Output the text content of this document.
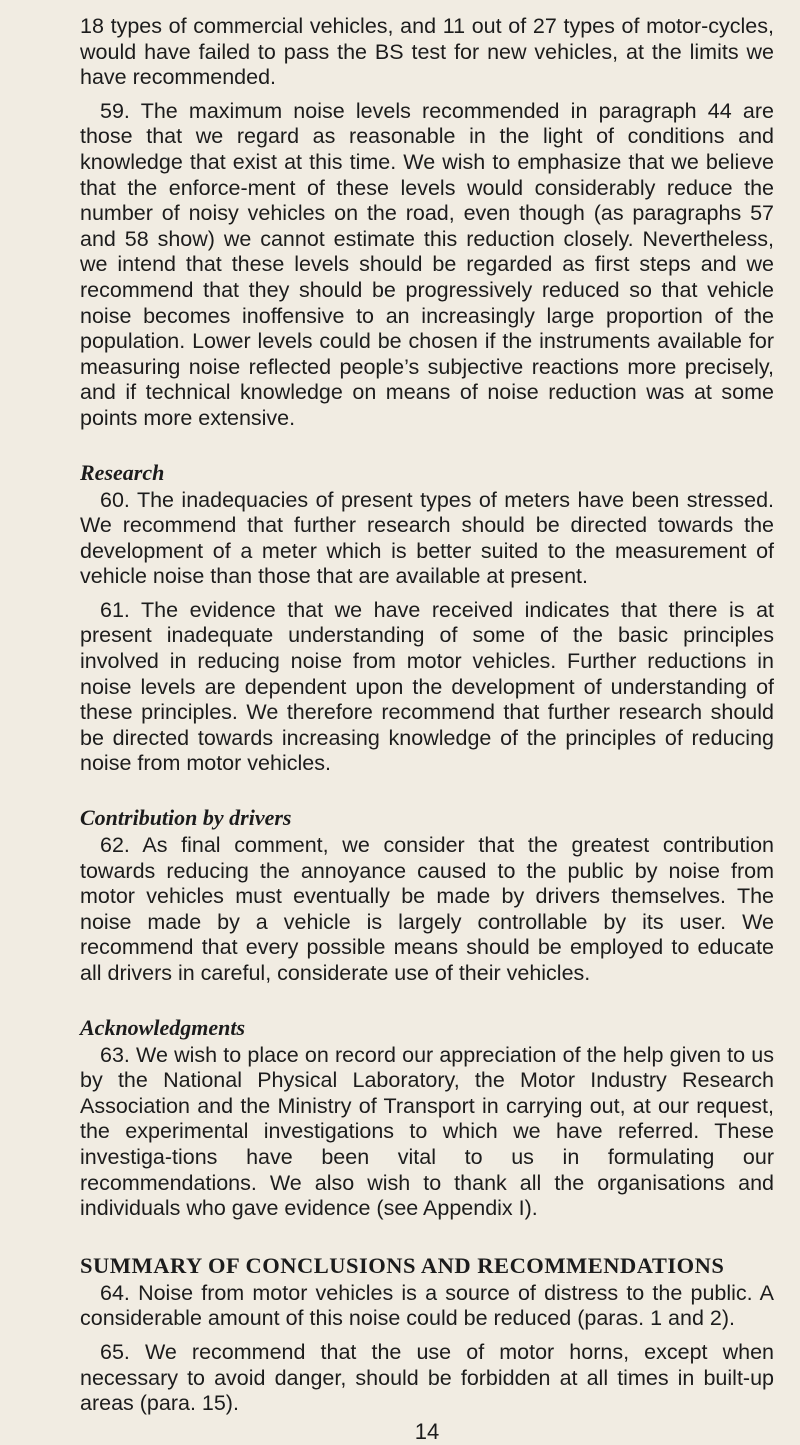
18 types of commercial vehicles, and 11 out of 27 types of motor-cycles, would have failed to pass the BS test for new vehicles, at the limits we have recommended.

59. The maximum noise levels recommended in paragraph 44 are those that we regard as reasonable in the light of conditions and knowledge that exist at this time. We wish to emphasize that we believe that the enforce-ment of these levels would considerably reduce the number of noisy vehicles on the road, even though (as paragraphs 57 and 58 show) we cannot estimate this reduction closely. Nevertheless, we intend that these levels should be regarded as first steps and we recommend that they should be progressively reduced so that vehicle noise becomes inoffensive to an increasingly large proportion of the population. Lower levels could be chosen if the instruments available for measuring noise reflected people’s subjective reactions more precisely, and if technical knowledge on means of noise reduction was at some points more extensive.

Research

60. The inadequacies of present types of meters have been stressed. We recommend that further research should be directed towards the development of a meter which is better suited to the measurement of vehicle noise than those that are available at present.

61. The evidence that we have received indicates that there is at present inadequate understanding of some of the basic principles involved in reducing noise from motor vehicles. Further reductions in noise levels are dependent upon the development of understanding of these principles. We therefore recommend that further research should be directed towards increasing knowledge of the principles of reducing noise from motor vehicles.

Contribution by drivers

62. As final comment, we consider that the greatest contribution towards reducing the annoyance caused to the public by noise from motor vehicles must eventually be made by drivers themselves. The noise made by a vehicle is largely controllable by its user. We recommend that every possible means should be employed to educate all drivers in careful, considerate use of their vehicles.

Acknowledgments

63. We wish to place on record our appreciation of the help given to us by the National Physical Laboratory, the Motor Industry Research Association and the Ministry of Transport in carrying out, at our request, the experimental investigations to which we have referred. These investiga-tions have been vital to us in formulating our recommendations. We also wish to thank all the organisations and individuals who gave evidence (see Appendix I).

SUMMARY OF CONCLUSIONS AND RECOMMENDATIONS

64. Noise from motor vehicles is a source of distress to the public. A considerable amount of this noise could be reduced (paras. 1 and 2).

65. We recommend that the use of motor horns, except when necessary to avoid danger, should be forbidden at all times in built-up areas (para. 15).

14
